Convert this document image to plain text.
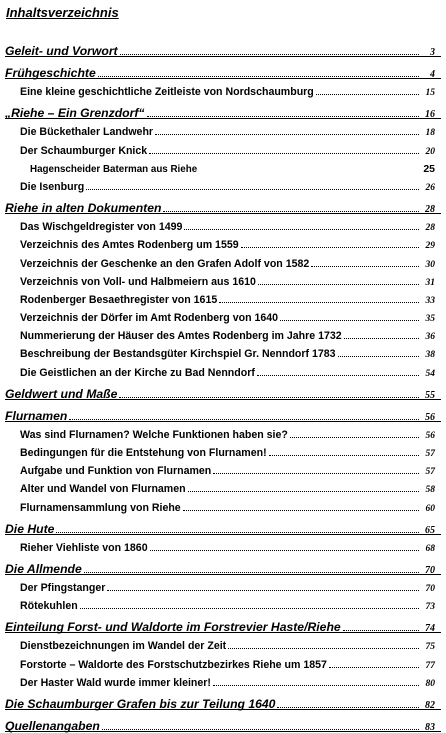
Inhaltsverzeichnis
Geleit- und Vorwort	3
Frühgeschichte	4
Eine kleine geschichtliche Zeitleiste von Nordschaumburg	15
„Riehe – Ein Grenzdorf“	16
Die Bückethaler Landwehr	18
Der Schaumburger Knick	20
Hagenscheider Baterman aus Riehe	25
Die Isenburg	26
Riehe in alten Dokumenten	28
Das Wischgeldregister von 1499	28
Verzeichnis des Amtes Rodenberg um 1559	29
Verzeichnis der Geschenke an den Grafen Adolf von 1582	30
Verzeichnis von Voll- und Halbmeiern aus 1610	31
Rodenberger Besaethregister von 1615	33
Verzeichnis der Dörfer im Amt Rodenberg von 1640	35
Nummerierung der Häuser des Amtes Rodenberg im Jahre 1732	36
Beschreibung der Bestandsgüter Kirchspiel Gr. Nenndorf 1783	38
Die Geistlichen an der Kirche zu Bad Nenndorf	54
Geldwert und Maße	55
Flurnamen	56
Was sind Flurnamen? Welche Funktionen haben sie?	56
Bedingungen für die Entstehung von Flurnamen!	57
Aufgabe und Funktion von Flurnamen	57
Alter und Wandel von Flurnamen	58
Flurnamensammlung von Riehe	60
Die Hute	65
Rieher Viehliste von 1860	68
Die Allmende	70
Der Pfingstanger	70
Rötekuhlen	73
Einteilung Forst- und Waldorte im Forstrevier Haste/Riehe	74
Dienstbezeichnungen im Wandel der Zeit	75
Forstorte – Waldorte des Forstschutzbezirkes Riehe um 1857	77
Der Haster Wald wurde immer kleiner!	80
Die Schaumburger Grafen bis zur Teilung 1640	82
Quellenangaben	83
